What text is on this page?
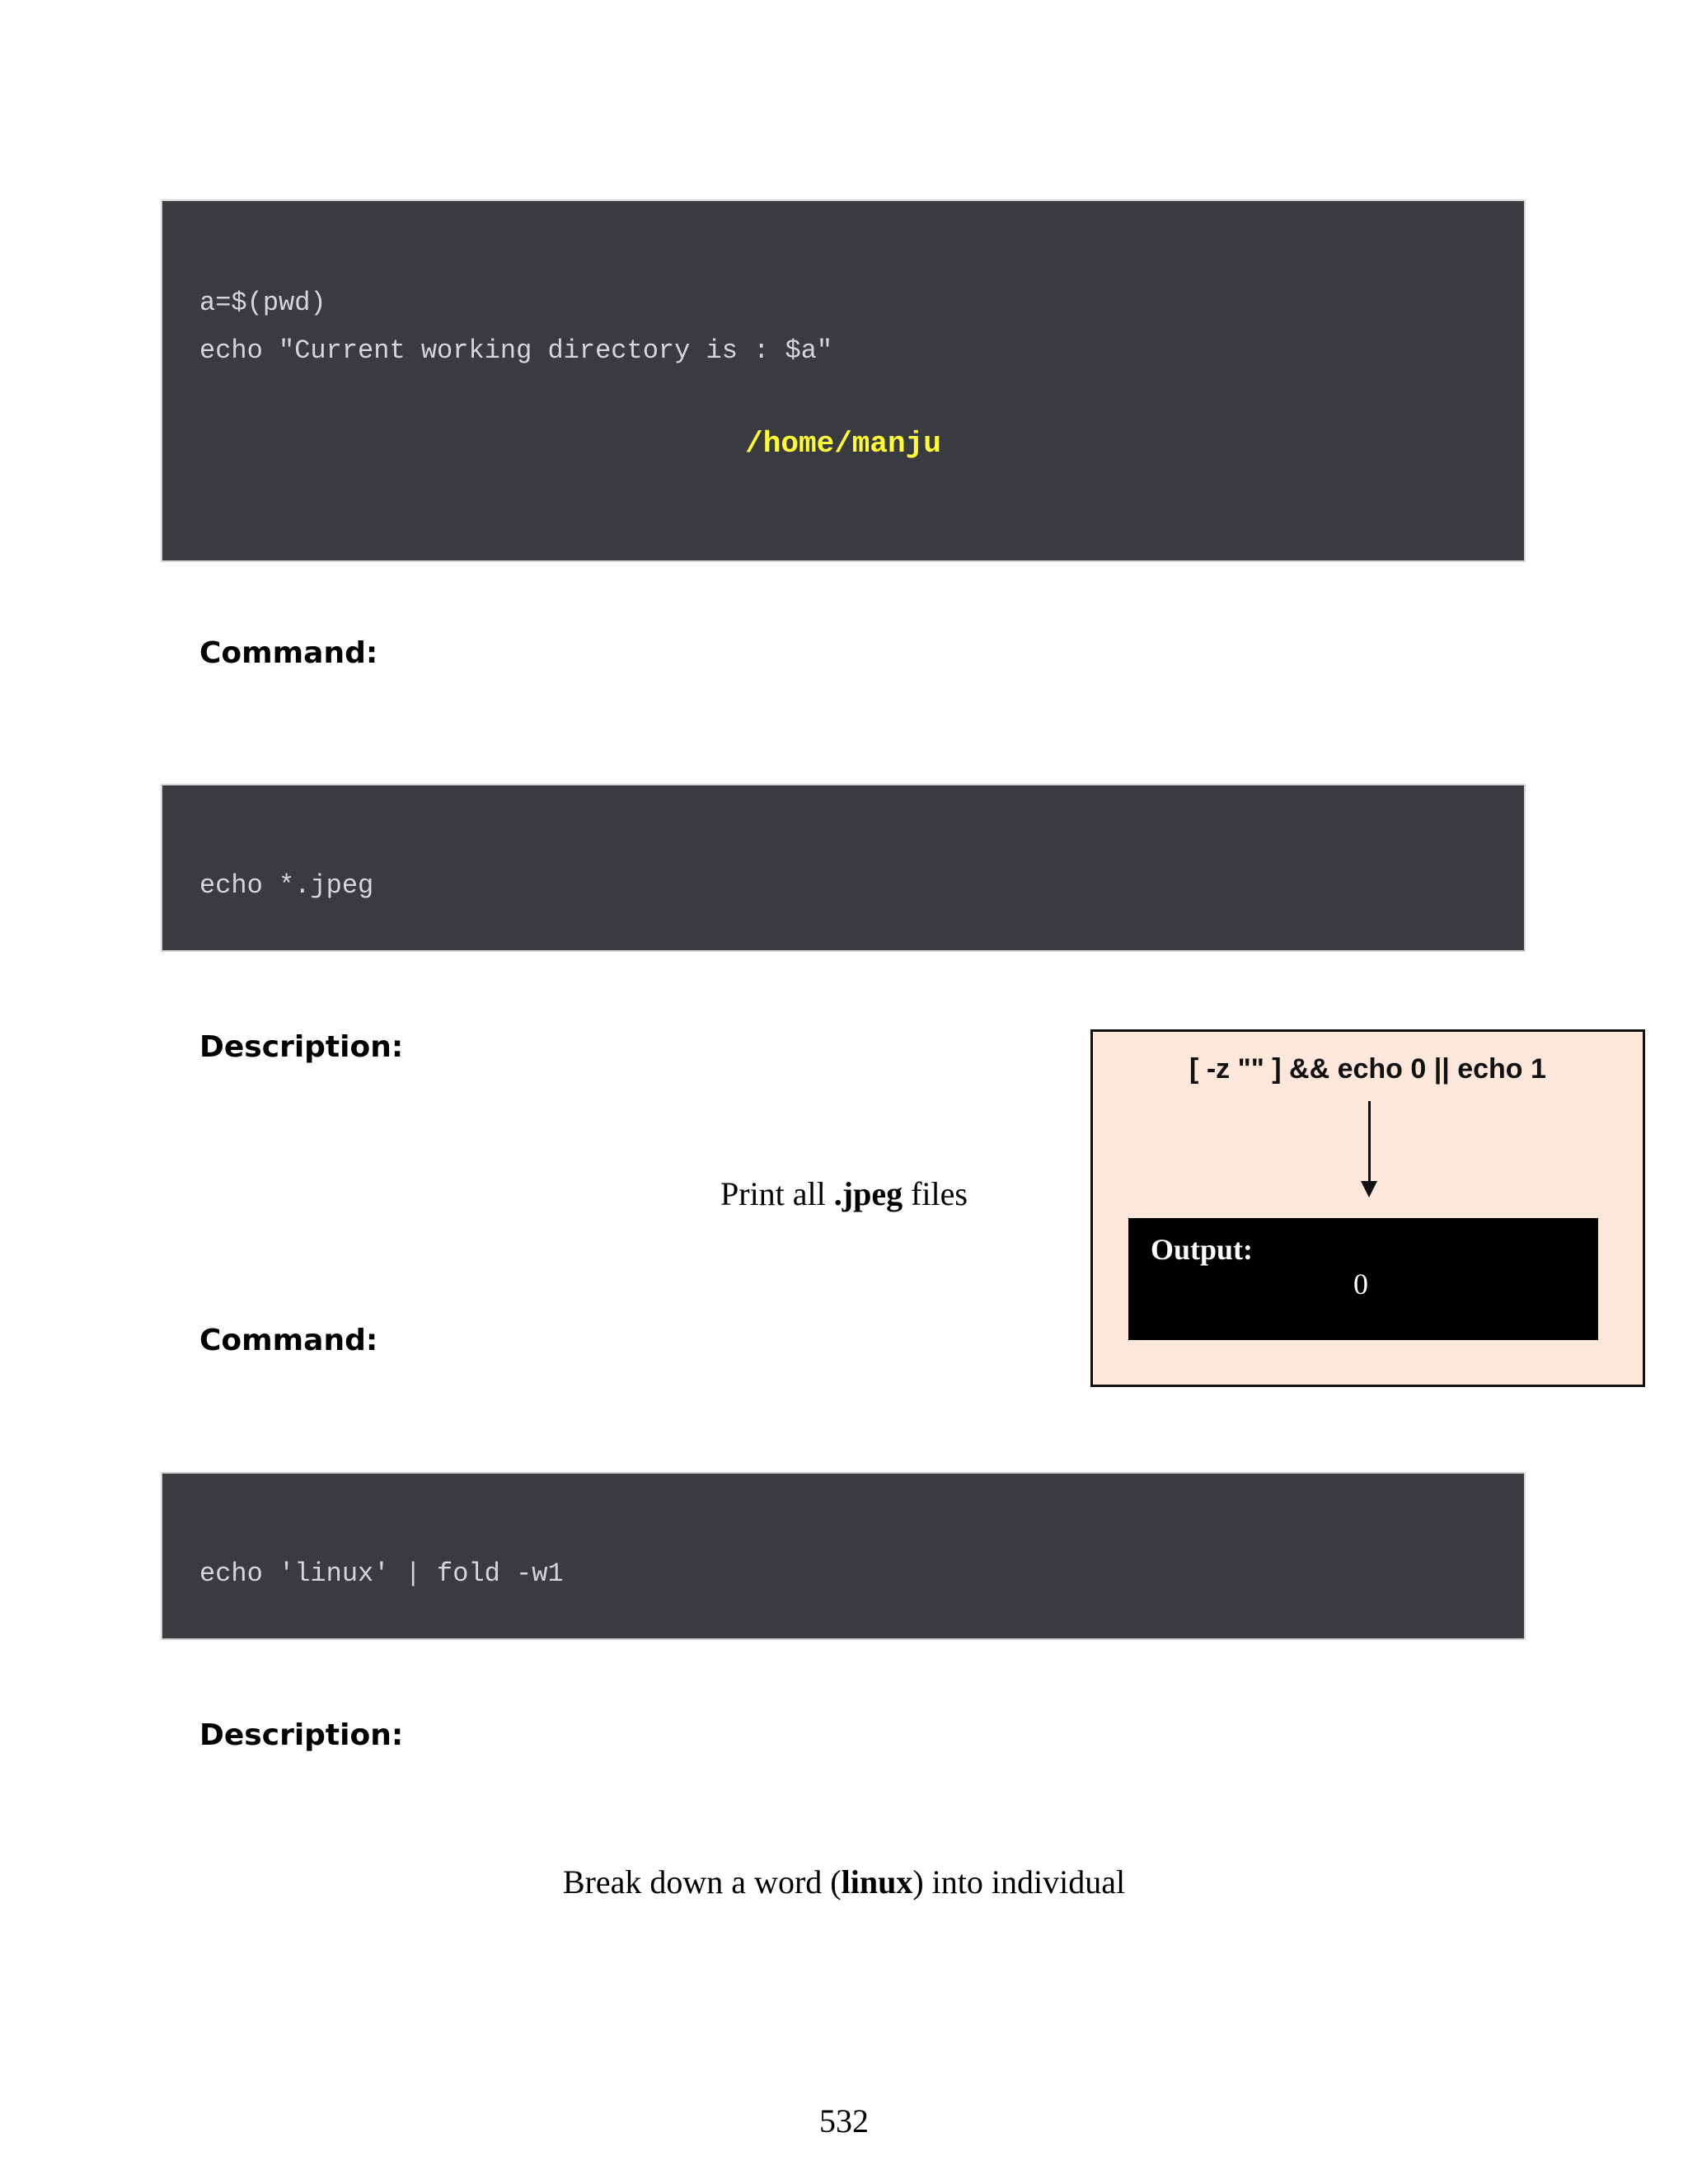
a=$(pwd)
echo "Current working directory is : $a"
/home/manju
Command:
echo *.jpeg
Description:
Print all .jpeg files
Command:
[ -z "" ] && echo 0 || echo 1
Output:
0
echo 'linux' | fold -w1
Description:
Break down a word (linux) into individual
532
